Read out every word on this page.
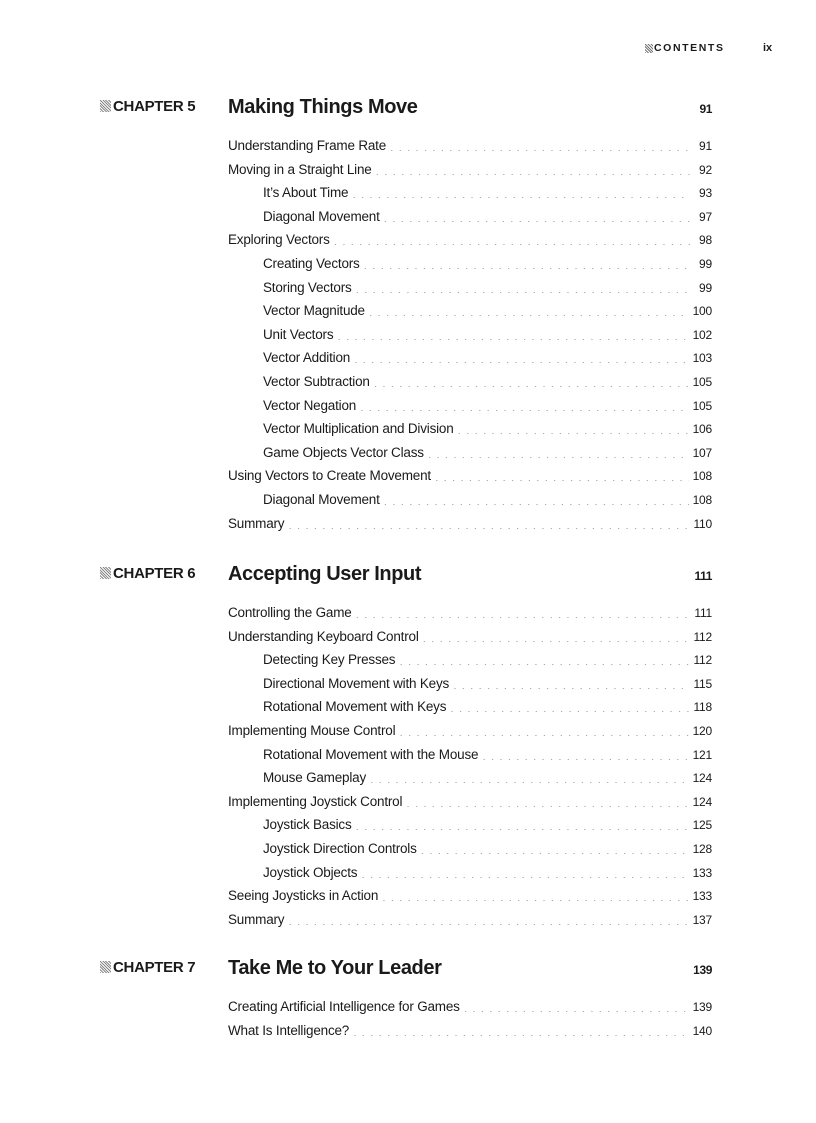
CONTENTS	ix
CHAPTER 5 Making Things Move . . .	91
Understanding Frame Rate . . .	91
Moving in a Straight Line . . .	92
It’s About Time . . .	93
Diagonal Movement . . .	97
Exploring Vectors . . .	98
Creating Vectors . . .	99
Storing Vectors . . .	99
Vector Magnitude . . .	100
Unit Vectors . . .	102
Vector Addition . . .	103
Vector Subtraction . . .	105
Vector Negation . . .	105
Vector Multiplication and Division . . .	106
Game Objects Vector Class . . .	107
Using Vectors to Create Movement . . .	108
Diagonal Movement . . .	108
Summary . . .	110
CHAPTER 6 Accepting User Input . . .	111
Controlling the Game . . .	111
Understanding Keyboard Control . . .	112
Detecting Key Presses . . .	112
Directional Movement with Keys . . .	115
Rotational Movement with Keys . . .	118
Implementing Mouse Control . . .	120
Rotational Movement with the Mouse . . .	121
Mouse Gameplay . . .	124
Implementing Joystick Control . . .	124
Joystick Basics . . .	125
Joystick Direction Controls . . .	128
Joystick Objects . . .	133
Seeing Joysticks in Action . . .	133
Summary . . .	137
CHAPTER 7 Take Me to Your Leader . . .	139
Creating Artificial Intelligence for Games . . .	139
What Is Intelligence? . . .	140
